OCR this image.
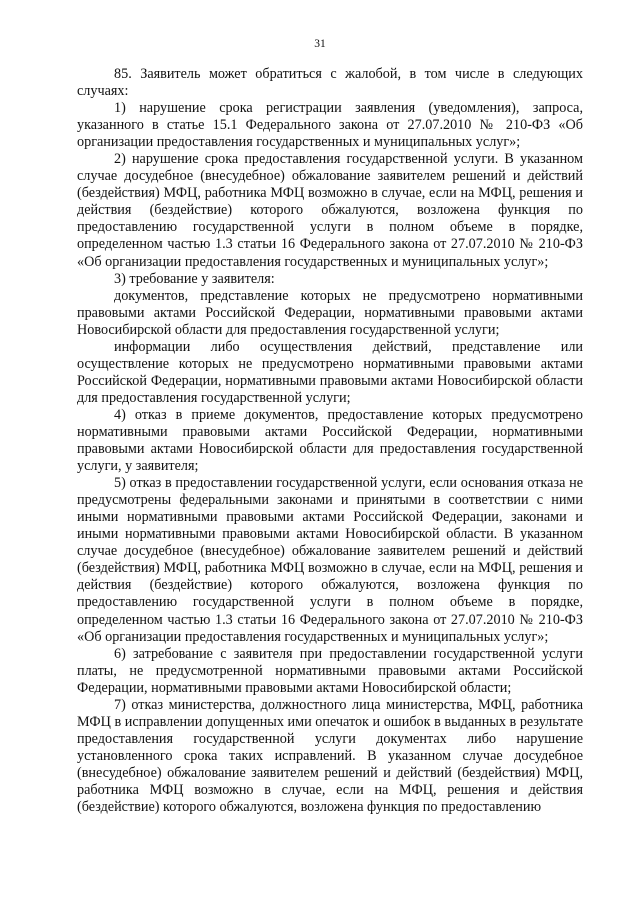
31

85. Заявитель может обратиться с жалобой, в том числе в следующих случаях:

1) нарушение срока регистрации заявления (уведомления), запроса, указанного в статье 15.1 Федерального закона от 27.07.2010 № 210-ФЗ «Об организации предоставления государственных и муниципальных услуг»;

2) нарушение срока предоставления государственной услуги. В указанном случае досудебное (внесудебное) обжалование заявителем решений и действий (бездействия) МФЦ, работника МФЦ возможно в случае, если на МФЦ, решения и действия (бездействие) которого обжалуются, возложена функция по предоставлению государственной услуги в полном объеме в порядке, определенном частью 1.3 статьи 16 Федерального закона от 27.07.2010 № 210-ФЗ «Об организации предоставления государственных и муниципальных услуг»;

3) требование у заявителя:

документов, представление которых не предусмотрено нормативными правовыми актами Российской Федерации, нормативными правовыми актами Новосибирской области для предоставления государственной услуги;

информации либо осуществления действий, представление или осуществление которых не предусмотрено нормативными правовыми актами Российской Федерации, нормативными правовыми актами Новосибирской области для предоставления государственной услуги;

4) отказ в приеме документов, предоставление которых предусмотрено нормативными правовыми актами Российской Федерации, нормативными правовыми актами Новосибирской области для предоставления государственной услуги, у заявителя;

5) отказ в предоставлении государственной услуги, если основания отказа не предусмотрены федеральными законами и принятыми в соответствии с ними иными нормативными правовыми актами Российской Федерации, законами и иными нормативными правовыми актами Новосибирской области. В указанном случае досудебное (внесудебное) обжалование заявителем решений и действий (бездействия) МФЦ, работника МФЦ возможно в случае, если на МФЦ, решения и действия (бездействие) которого обжалуются, возложена функция по предоставлению государственной услуги в полном объеме в порядке, определенном частью 1.3 статьи 16 Федерального закона от 27.07.2010 № 210-ФЗ «Об организации предоставления государственных и муниципальных услуг»;

6) затребование с заявителя при предоставлении государственной услуги платы, не предусмотренной нормативными правовыми актами Российской Федерации, нормативными правовыми актами Новосибирской области;

7) отказ министерства, должностного лица министерства, МФЦ, работника МФЦ в исправлении допущенных ими опечаток и ошибок в выданных в результате предоставления государственной услуги документах либо нарушение установленного срока таких исправлений. В указанном случае досудебное (внесудебное) обжалование заявителем решений и действий (бездействия) МФЦ, работника МФЦ возможно в случае, если на МФЦ, решения и действия (бездействие) которого обжалуются, возложена функция по предоставлению
